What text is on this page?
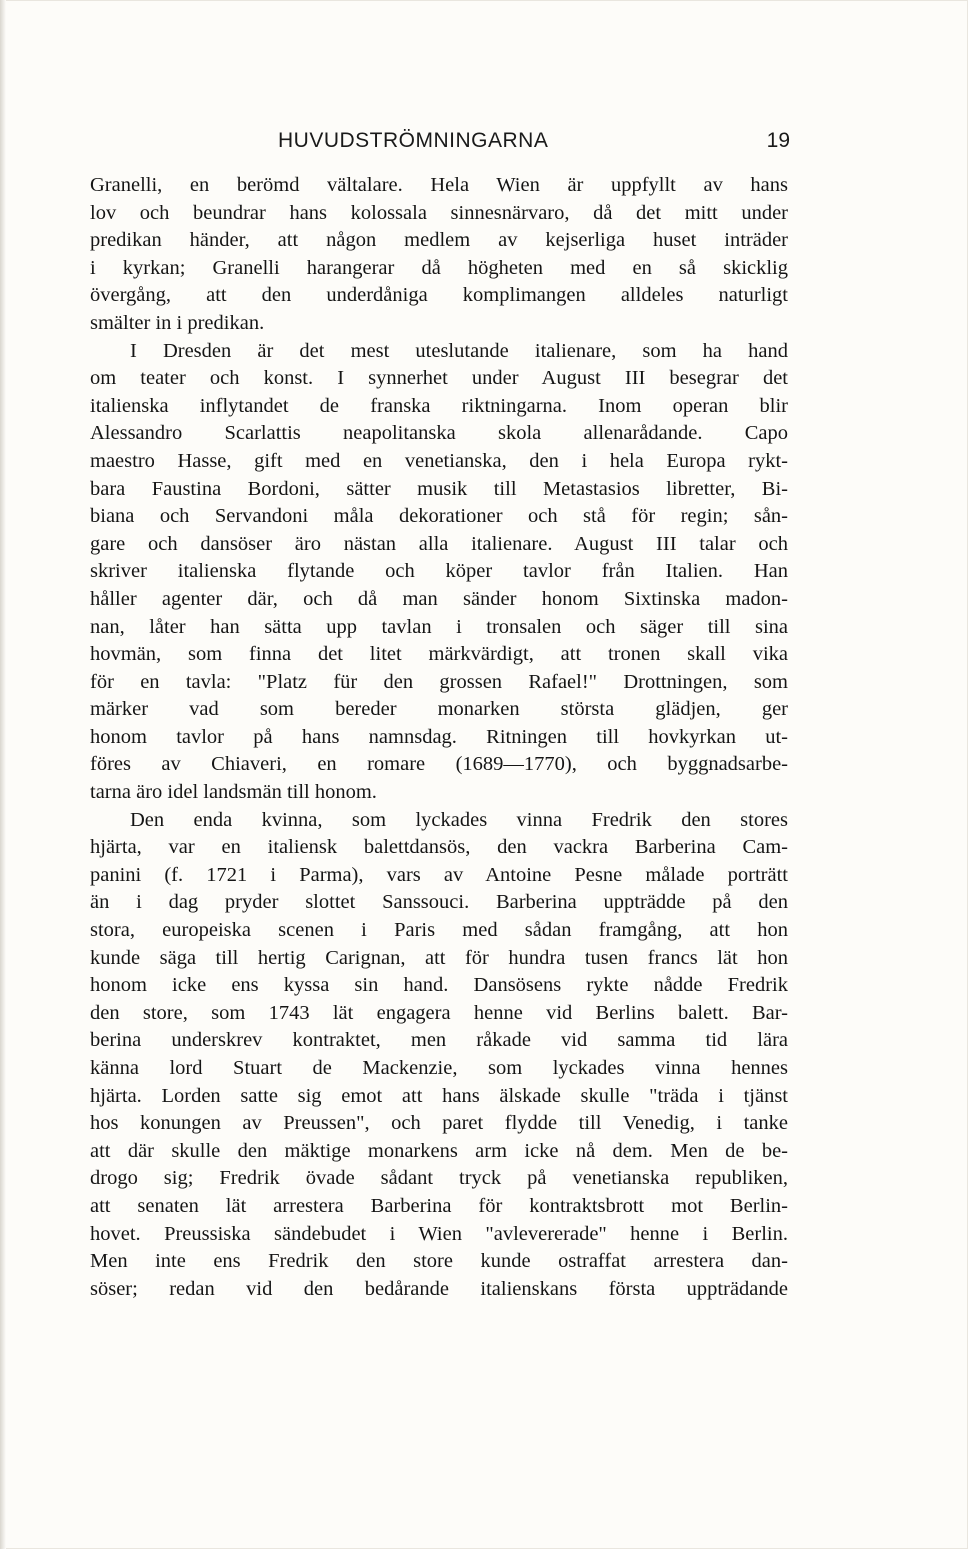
HUVUDSTRÖMNINGARNA	19
Granelli, en berömd vältalare. Hela Wien är uppfyllt av hans
lov och beundrar hans kolossala sinnesnärvaro, då det mitt under
predikan händer, att någon medlem av kejserliga huset inträder
i kyrkan; Granelli harangerar då högheten med en så skicklig
övergång, att den underdåniga komplimangen alldeles naturligt
smälter in i predikan.
I Dresden är det mest uteslutande italienare, som ha hand
om teater och konst. I synnerhet under August III besegrar det
italienska inflytandet de franska riktningarna. Inom operan blir
Alessandro Scarlattis neapolitanska skola allenarådande. Capo
maestro Hasse, gift med en venetianska, den i hela Europa rykt-
bara Faustina Bordoni, sätter musik till Metastasios libretter, Bi-
biana och Servandoni måla dekorationer och stå för regin; sån-
gare och dansöser äro nästan alla italienare. August III talar och
skriver italienska flytande och köper tavlor från Italien. Han
håller agenter där, och då man sänder honom Sixtinska madon-
nan, låter han sätta upp tavlan i tronsalen och säger till sina
hovmän, som finna det litet märkvärdigt, att tronen skall vika
för en tavla: "Platz für den grossen Rafael!" Drottningen, som
märker vad som bereder monarken största glädjen, ger
honom tavlor på hans namnsdag. Ritningen till hovkyrkan ut-
föres av Chiaveri, en romare (1689—1770), och byggnadsarbe-
tarna äro idel landsmän till honom.
Den enda kvinna, som lyckades vinna Fredrik den stores
hjärta, var en italiensk balettdansös, den vackra Barberina Cam-
panini (f. 1721 i Parma), vars av Antoine Pesne målade porträtt
än i dag pryder slottet Sanssouci. Barberina uppträdde på den
stora, europeiska scenen i Paris med sådan framgång, att hon
kunde säga till hertig Carignan, att för hundra tusen francs lät hon
honom icke ens kyssa sin hand. Dansösens rykte nådde Fredrik
den store, som 1743 lät engagera henne vid Berlins balett. Bar-
berina underskrev kontraktet, men råkade vid samma tid lära
känna lord Stuart de Mackenzie, som lyckades vinna hennes
hjärta. Lorden satte sig emot att hans älskade skulle "träda i tjänst
hos konungen av Preussen", och paret flydde till Venedig, i tanke
att där skulle den mäktige monarkens arm icke nå dem. Men de be-
drogo sig; Fredrik övade sådant tryck på venetianska republiken,
att senaten lät arrestera Barberina för kontraktsbrott mot Berlin-
hovet. Preussiska sändebudet i Wien "avlevererade" henne i Berlin.
Men inte ens Fredrik den store kunde ostraffat arrestera dan-
söser; redan vid den bedårande italienskans första uppträdande
